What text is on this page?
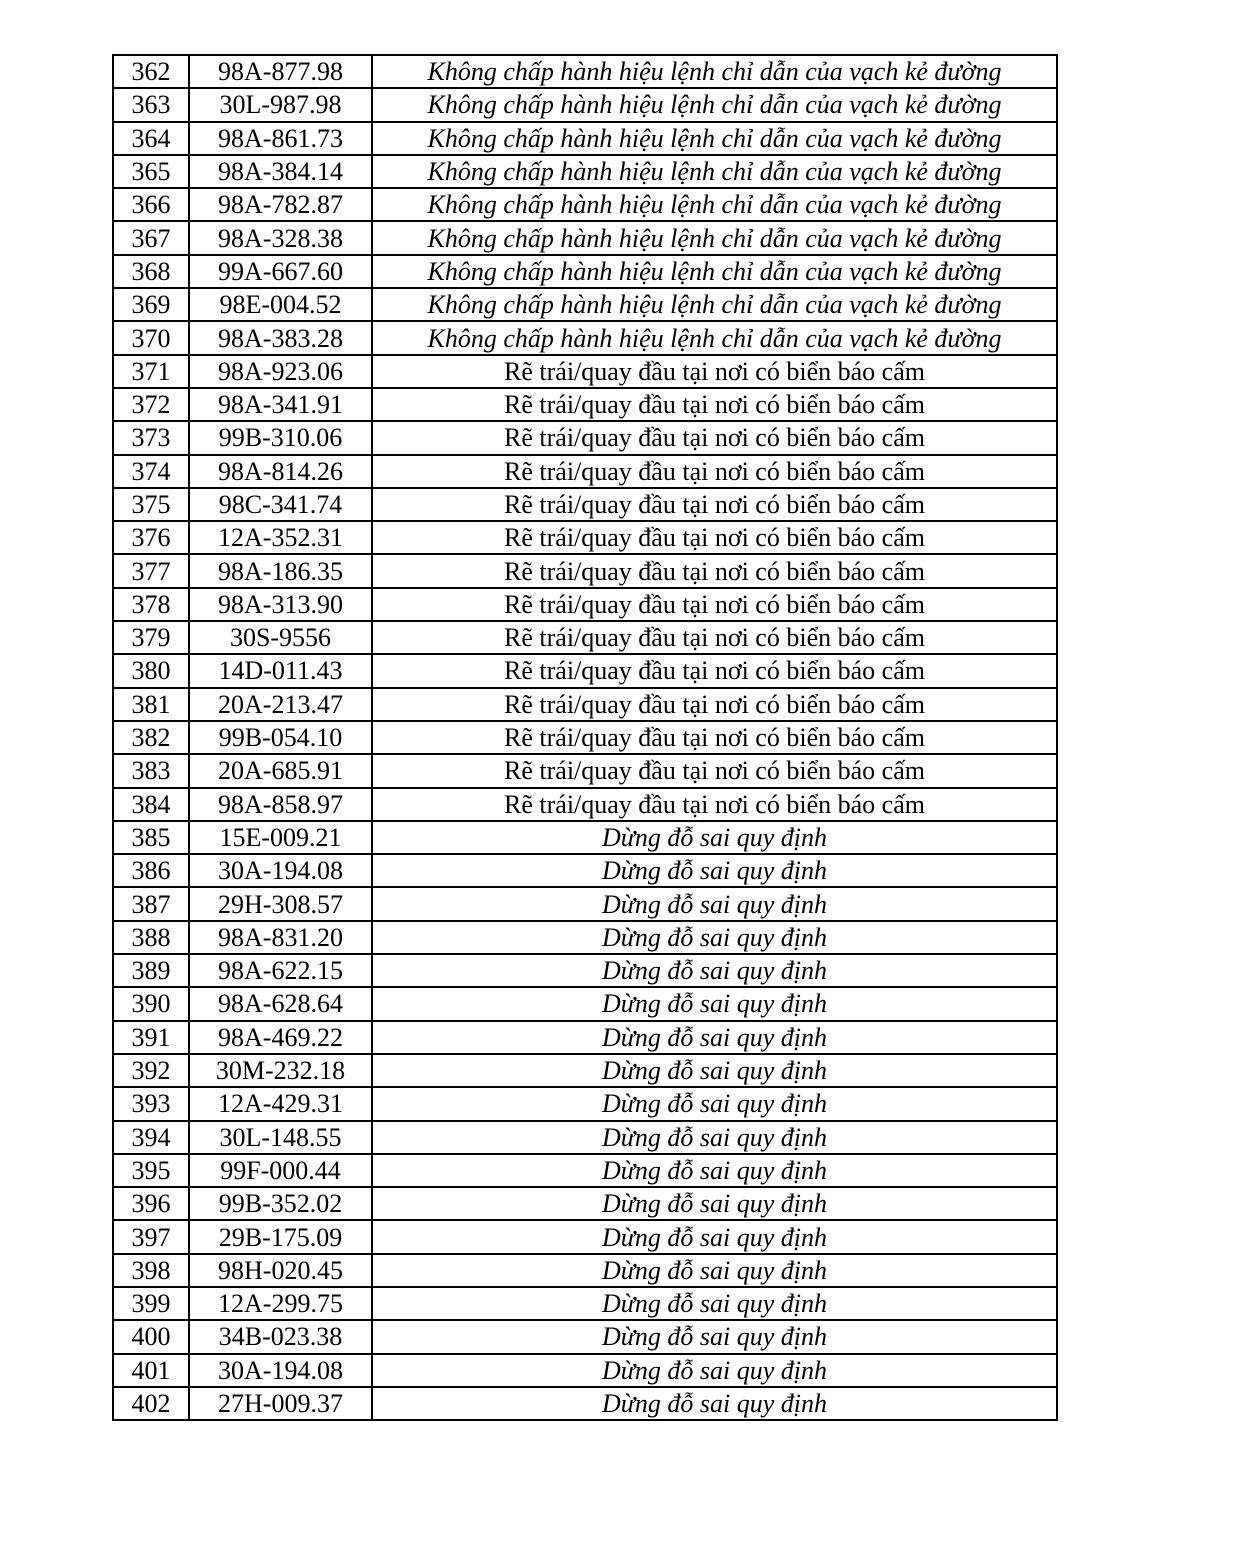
362	98A-877.98	Không chấp hành hiệu lệnh chỉ dẫn của vạch kẻ đường
363	30L-987.98	Không chấp hành hiệu lệnh chỉ dẫn của vạch kẻ đường
364	98A-861.73	Không chấp hành hiệu lệnh chỉ dẫn của vạch kẻ đường
365	98A-384.14	Không chấp hành hiệu lệnh chỉ dẫn của vạch kẻ đường
366	98A-782.87	Không chấp hành hiệu lệnh chỉ dẫn của vạch kẻ đường
367	98A-328.38	Không chấp hành hiệu lệnh chỉ dẫn của vạch kẻ đường
368	99A-667.60	Không chấp hành hiệu lệnh chỉ dẫn của vạch kẻ đường
369	98E-004.52	Không chấp hành hiệu lệnh chỉ dẫn của vạch kẻ đường
370	98A-383.28	Không chấp hành hiệu lệnh chỉ dẫn của vạch kẻ đường
371	98A-923.06	Rẽ trái/quay đầu tại nơi có biển báo cấm
372	98A-341.91	Rẽ trái/quay đầu tại nơi có biển báo cấm
373	99B-310.06	Rẽ trái/quay đầu tại nơi có biển báo cấm
374	98A-814.26	Rẽ trái/quay đầu tại nơi có biển báo cấm
375	98C-341.74	Rẽ trái/quay đầu tại nơi có biển báo cấm
376	12A-352.31	Rẽ trái/quay đầu tại nơi có biển báo cấm
377	98A-186.35	Rẽ trái/quay đầu tại nơi có biển báo cấm
378	98A-313.90	Rẽ trái/quay đầu tại nơi có biển báo cấm
379	30S-9556	Rẽ trái/quay đầu tại nơi có biển báo cấm
380	14D-011.43	Rẽ trái/quay đầu tại nơi có biển báo cấm
381	20A-213.47	Rẽ trái/quay đầu tại nơi có biển báo cấm
382	99B-054.10	Rẽ trái/quay đầu tại nơi có biển báo cấm
383	20A-685.91	Rẽ trái/quay đầu tại nơi có biển báo cấm
384	98A-858.97	Rẽ trái/quay đầu tại nơi có biển báo cấm
385	15E-009.21	Dừng đỗ sai quy định
386	30A-194.08	Dừng đỗ sai quy định
387	29H-308.57	Dừng đỗ sai quy định
388	98A-831.20	Dừng đỗ sai quy định
389	98A-622.15	Dừng đỗ sai quy định
390	98A-628.64	Dừng đỗ sai quy định
391	98A-469.22	Dừng đỗ sai quy định
392	30M-232.18	Dừng đỗ sai quy định
393	12A-429.31	Dừng đỗ sai quy định
394	30L-148.55	Dừng đỗ sai quy định
395	99F-000.44	Dừng đỗ sai quy định
396	99B-352.02	Dừng đỗ sai quy định
397	29B-175.09	Dừng đỗ sai quy định
398	98H-020.45	Dừng đỗ sai quy định
399	12A-299.75	Dừng đỗ sai quy định
400	34B-023.38	Dừng đỗ sai quy định
401	30A-194.08	Dừng đỗ sai quy định
402	27H-009.37	Dừng đỗ sai quy định
